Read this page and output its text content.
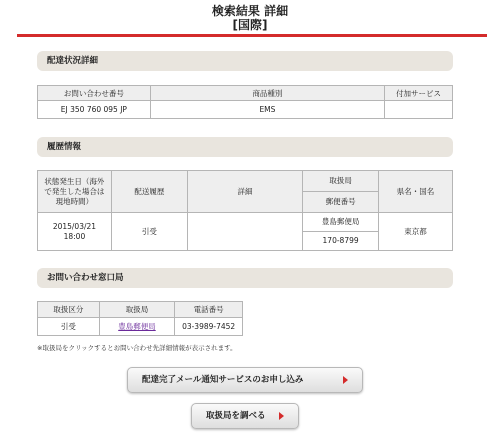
検索結果 詳細
[国際]
配達状況詳細
お問い合わせ番号	商品種別	付加サービス
EJ 350 760 095 JP	EMS	
履歴情報
状態発生日（海外で発生した場合は現地時間）	配送履歴	詳細	取扱局	県名・国名
			郵便番号	

2015/03/21
18:00	引受		豊島郵便局	東京都
			170-8799	
お問い合わせ窓口局
取扱区分	取扱局	電話番号
引受	豊島郵便局	03-3989-7452
※取扱局をクリックするとお問い合わせ先詳細情報が表示されます。
配達完了メール通知サービスのお申し込み
取扱局を調べる
